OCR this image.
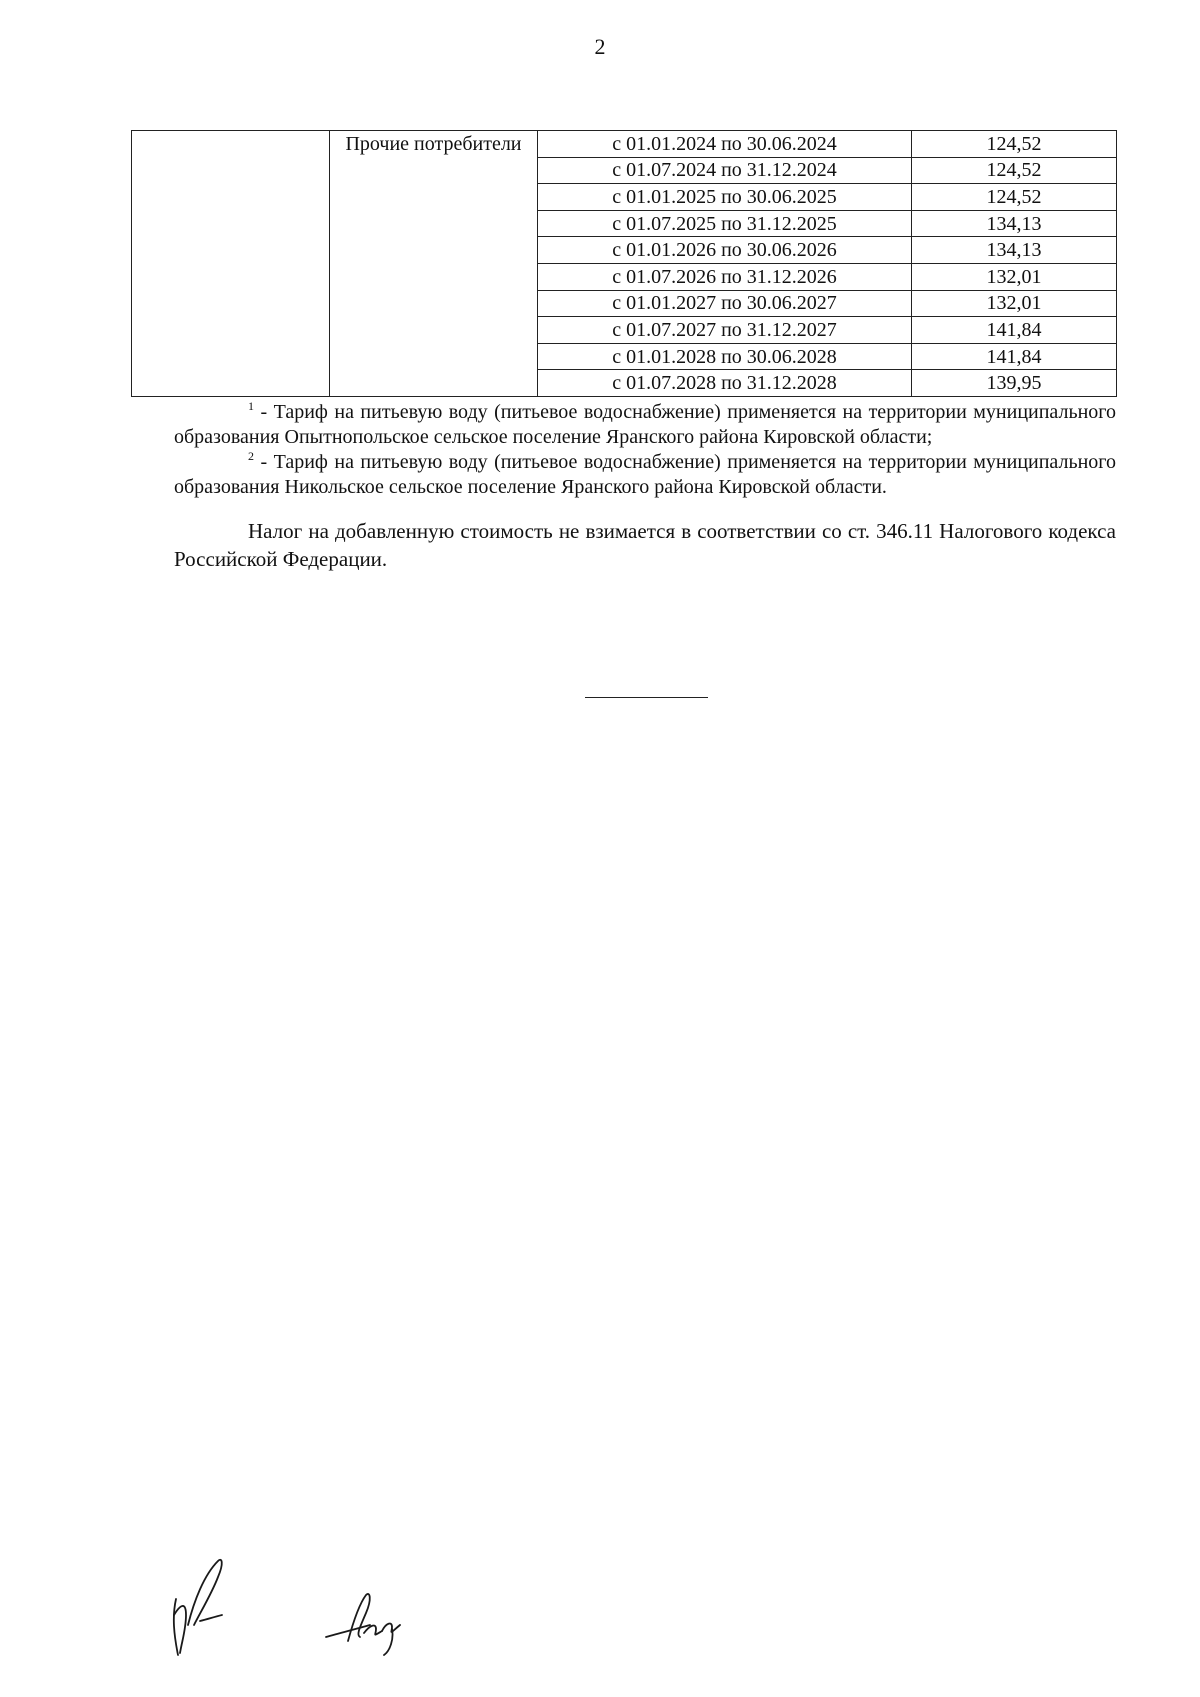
2
	Прочие потребители	с 01.01.2024 по 30.06.2024	124,52
		с 01.07.2024 по 31.12.2024	124,52
		с 01.01.2025 по 30.06.2025	124,52
		с 01.07.2025 по 31.12.2025	134,13
		с 01.01.2026 по 30.06.2026	134,13
		с 01.07.2026 по 31.12.2026	132,01
		с 01.01.2027 по 30.06.2027	132,01
		с 01.07.2027 по 31.12.2027	141,84
		с 01.01.2028 по 30.06.2028	141,84
		с 01.07.2028 по 31.12.2028	139,95

$^1$ - Тариф на питьевую воду (питьевое водоснабжение) применяется на территории муниципального образования Опытнопольское сельское поселение Яранского района Кировской области;

$^2$ - Тариф на питьевую воду (питьевое водоснабжение) применяется на территории муниципального образования Никольское сельское поселение Яранского района Кировской области.

Налог на добавленную стоимость не взимается в соответствии со ст. 346.11 Налогового кодекса Российской Федерации.
